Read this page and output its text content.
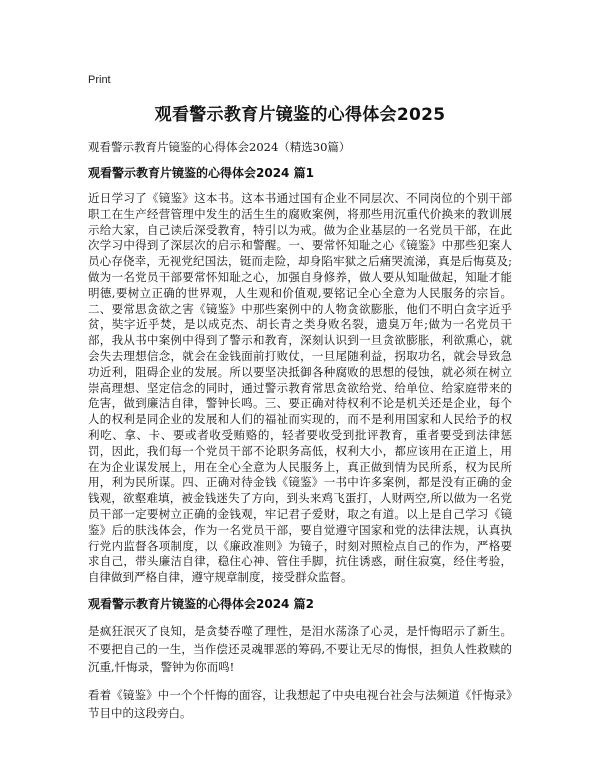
Print
观看警示教育片镜鉴的心得体会2025

观看警示教育片镜鉴的心得体会2024（精选30篇）

观看警示教育片镜鉴的心得体会2024 篇1

近日学习了《镜鉴》这本书。这本书通过国有企业不同层次、不同岗位的个别干部职工在生产经营管理中发生的活生生的腐败案例，将那些用沉重代价换来的教训展示给大家，自己读后深受教育，特引以为戒。做为企业基层的一名党员干部，在此次学习中得到了深层次的启示和警醒。一、要常怀知耻之心《镜鉴》中那些犯案人员心存侥幸，无视党纪国法，铤而走险，却身陷牢狱之后痛哭流涕，真是后悔莫及;做为一名党员干部要常怀知耻之心，加强自身修养，做人要从知耻做起，知耻才能明德,要树立正确的世界观，人生观和价值观,要铭记全心全意为人民服务的宗旨。二、要常思贪欲之害《镜鉴》中那些案例中的人物贪欲膨胀，他们不明白贪字近乎贫，奘字近乎焚，是以成克杰、胡长青之类身败名裂，遗臭万年;做为一名党员干部，我从书中案例中得到了警示和教育，深刻认识到一旦贪欲膨胀，利欲熏心，就会失去理想信念，就会在金钱面前打败仗，一旦尾随利益，拐取功名，就会导致急功近利，阻碍企业的发展。所以要坚决抵御各种腐败的思想的侵蚀，就必须在树立崇高理想、坚定信念的同时，通过警示教育常思贪欲给党、给单位、给家庭带来的危害，做到廉洁自律，警钟长鸣。三、要正确对待权利不论是机关还是企业，每个人的权利是同企业的发展和人们的福祉而实现的，而不是利用国家和人民给予的权利吃、拿、卡、要或者收受贿赂的，轻者要收受到批评教育，重者要受到法律惩罚，因此，我们每一个党员干部不论职务高低，权利大小，都应该用在正道上，用在为企业谋发展上，用在全心全意为人民服务上，真正做到情为民所系，权为民所用，利为民所谋。四、正确对待金钱《镜鉴》一书中许多案例，都是没有正确的金钱观，欲壑难填，被金钱迷失了方向，到头来鸡飞蛋打，人财两空,所以做为一名党员干部一定要树立正确的金钱观，牢记君子爱财，取之有道。以上是自己学习《镜鉴》后的肤浅体会，作为一名党员干部，要自觉遵守国家和党的法律法规，认真执行党内监督各项制度，以《廉政准则》为镜子，时刻对照检点自己的作为，严格要求自己，带头廉洁自律，稳住心神、管住手脚，抗住诱惑，耐住寂寞，经住考验，自律做到严格自律，遵守规章制度，接受群众监督。

观看警示教育片镜鉴的心得体会2024 篇2

是疯狂泯灭了良知，是贪婪吞噬了理性，是泪水荡涤了心灵，是忏悔昭示了新生。不要把自己的一生，当作偿还灵魂罪恶的筹码,不要让无尽的悔恨，担负人性救赎的沉重,忏悔录，警钟为你而鸣!

看着《镜鉴》中一个个忏悔的面容，让我想起了中央电视台社会与法频道《忏悔录》节目中的这段旁白。
